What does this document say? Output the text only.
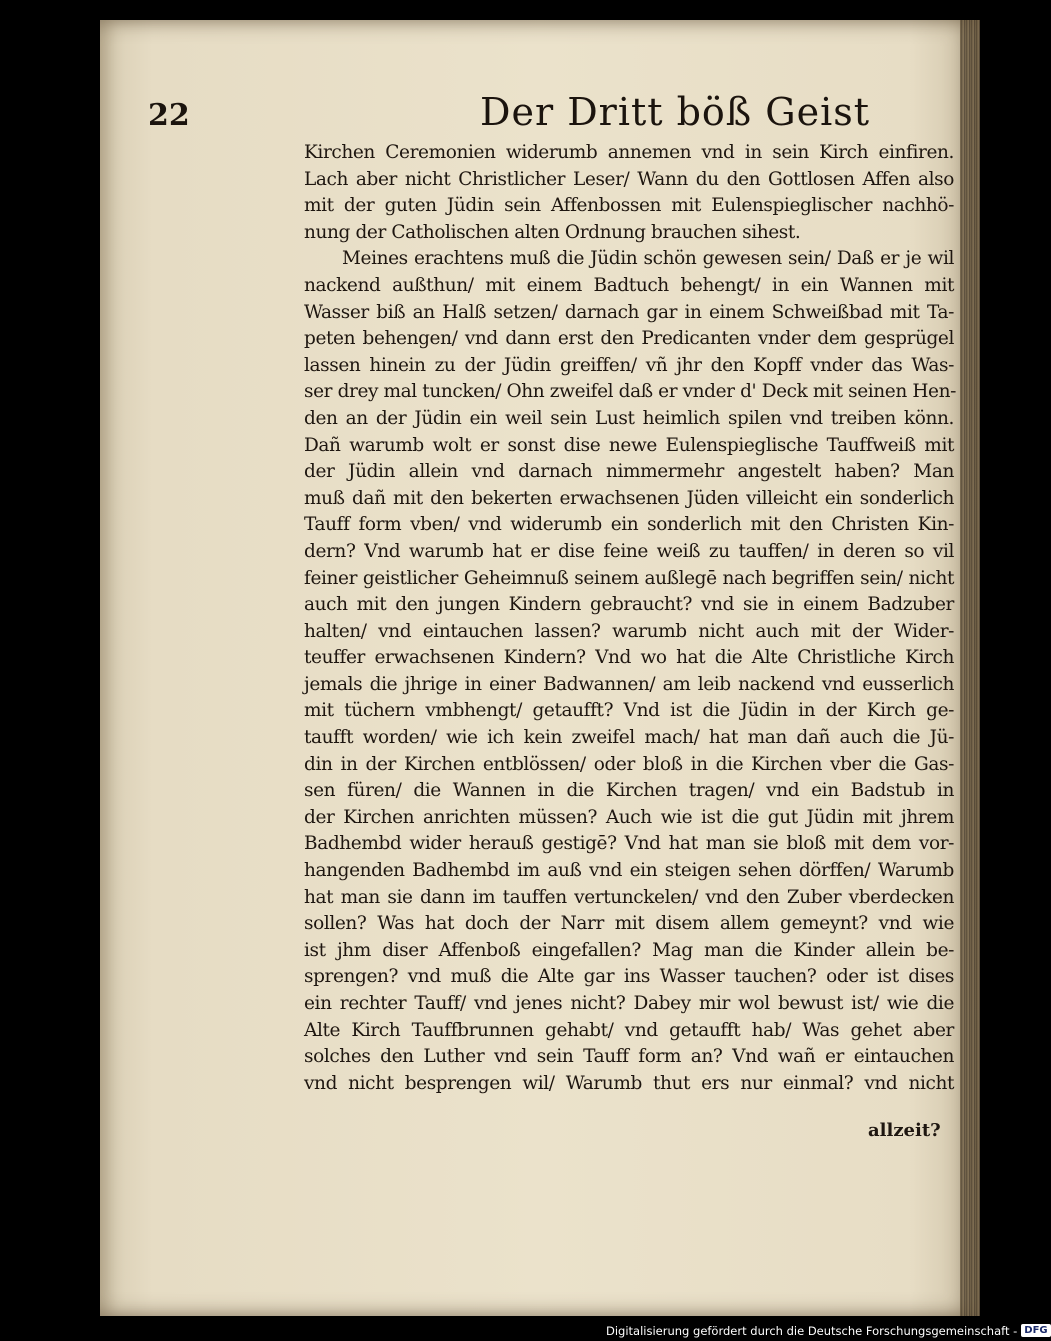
22	Der Dritt böß Geist
Kirchen Ceremonien widerumb annemen vnd in sein Kirch einfiren.
Lach aber nicht Christlicher Leser/ Wann du den Gottlosen Affen also
mit der guten Jüdin sein Affenbossen mit Eulenspieglischer nachhö-
nung der Catholischen alten Ordnung brauchen sihest.
Meines erachtens muß die Jüdin schön gewesen sein/ Daß er je wil
nackend außthun/ mit einem Badtuch behengt/ in ein Wannen mit
Wasser biß an Halß setzen/ darnach gar in einem Schweißbad mit Ta-
peten behengen/ vnd dann erst den Predicanten vnder dem gesprügel
lassen hinein zu der Jüdin greiffen/ vñ jhr den Kopff vnder das Was-
ser drey mal tuncken/ Ohn zweifel daß er vnder d' Deck mit seinen Hen-
den an der Jüdin ein weil sein Lust heimlich spilen vnd treiben könn.
Dañ warumb wolt er sonst dise newe Eulenspieglische Tauffweiß mit
der Jüdin allein vnd darnach nimmermehr angestelt haben? Man
muß dañ mit den bekerten erwachsenen Jüden villeicht ein sonderlich
Tauff form vben/ vnd widerumb ein sonderlich mit den Christen Kin-
dern? Vnd warumb hat er dise feine weiß zu tauffen/ in deren so vil
feiner geistlicher Geheimnuß seinem außlegē nach begriffen sein/ nicht
auch mit den jungen Kindern gebraucht? vnd sie in einem Badzuber
halten/ vnd eintauchen lassen? warumb nicht auch mit der Wider-
teuffer erwachsenen Kindern? Vnd wo hat die Alte Christliche Kirch
jemals die jhrige in einer Badwannen/ am leib nackend vnd eusserlich
mit tüchern vmbhengt/ getaufft? Vnd ist die Jüdin in der Kirch ge-
taufft worden/ wie ich kein zweifel mach/ hat man dañ auch die Jü-
din in der Kirchen entblössen/ oder bloß in die Kirchen vber die Gas-
sen füren/ die Wannen in die Kirchen tragen/ vnd ein Badstub in
der Kirchen anrichten müssen? Auch wie ist die gut Jüdin mit jhrem
Badhembd wider herauß gestigē? Vnd hat man sie bloß mit dem vor-
hangenden Badhembd im auß vnd ein steigen sehen dörffen/ Warumb
hat man sie dann im tauffen vertunckelen/ vnd den Zuber vberdecken
sollen? Was hat doch der Narr mit disem allem gemeynt? vnd wie
ist jhm diser Affenboß eingefallen? Mag man die Kinder allein be-
sprengen? vnd muß die Alte gar ins Wasser tauchen? oder ist dises
ein rechter Tauff/ vnd jenes nicht? Dabey mir wol bewust ist/ wie die
Alte Kirch Tauffbrunnen gehabt/ vnd getaufft hab/ Was gehet aber
solches den Luther vnd sein Tauff form an? Vnd wañ er eintauchen
vnd nicht besprengen wil/ Warumb thut ers nur einmal? vnd nicht
allzeit?
Digitalisierung gefördert durch die Deutsche Forschungsgemeinschaft - DFG
